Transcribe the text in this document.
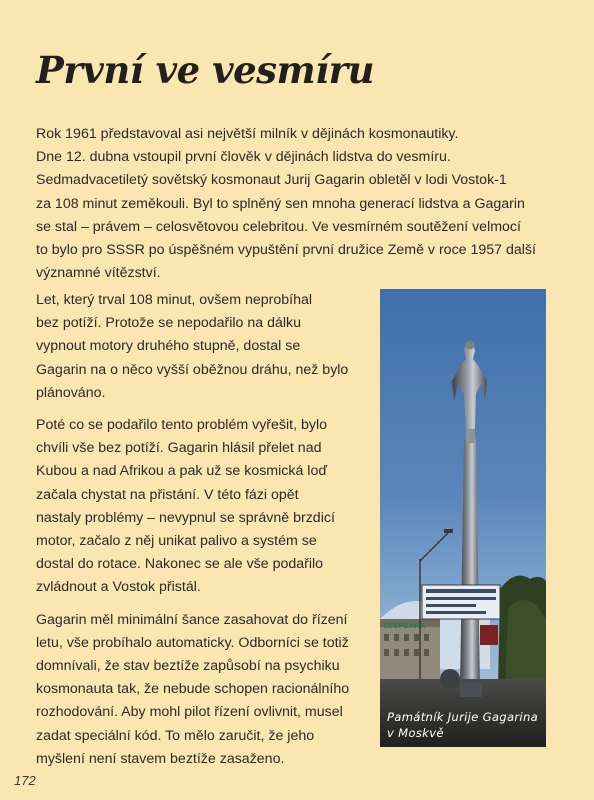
První ve vesmíru
Rok 1961 představoval asi největší milník v dějinách kosmonautiky.
Dne 12. dubna vstoupil první člověk v dějinách lidstva do vesmíru.
Sedmadvacetiletý sovětský kosmonaut Jurij Gagarin obletěl v lodi Vostok-1
za 108 minut zeměkouli. Byl to splněný sen mnoha generací lidstva a Gagarin
se stal – právem – celosvětovou celebritou. Ve vesmírném soutěžení velmocí
to bylo pro SSSR po úspěšném vypuštění první družice Země v roce 1957 další
významné vítězství.

Let, který trval 108 minut, ovšem neprobíhal
bez potíží. Protože se nepodařilo na dálku
vypnout motory druhého stupně, dostal se
Gagarin na o něco vyšší oběžnou dráhu, než bylo
plánováno.

Poté co se podařilo tento problém vyřešit, bylo
chvíli vše bez potíží. Gagarin hlásil přelet nad
Kubou a nad Afrikou a pak už se kosmická loď
začala chystat na přistání. V této fázi opět
nastaly problémy – nevypnul se správně brzdicí
motor, začalo z něj unikat palivo a systém se
dostal do rotace. Nakonec se ale vše podařilo
zvládnout a Vostok přistál.

Gagarin měl minimální šance zasahovat do řízení
letu, vše probíhalo automaticky. Odborníci se totiž
domnívali, že stav beztíže zapůsobí na psychiku
kosmonauta tak, že nebude schopen racionálního
rozhodování. Aby mohl pilot řízení ovlivnit, musel
zadat speciální kód. To mělo zaručit, že jeho
myšlení není stavem beztíže zasaženo.

СБЕРБАНК
Památník Jurije Gagarina
v Moskvě
172
